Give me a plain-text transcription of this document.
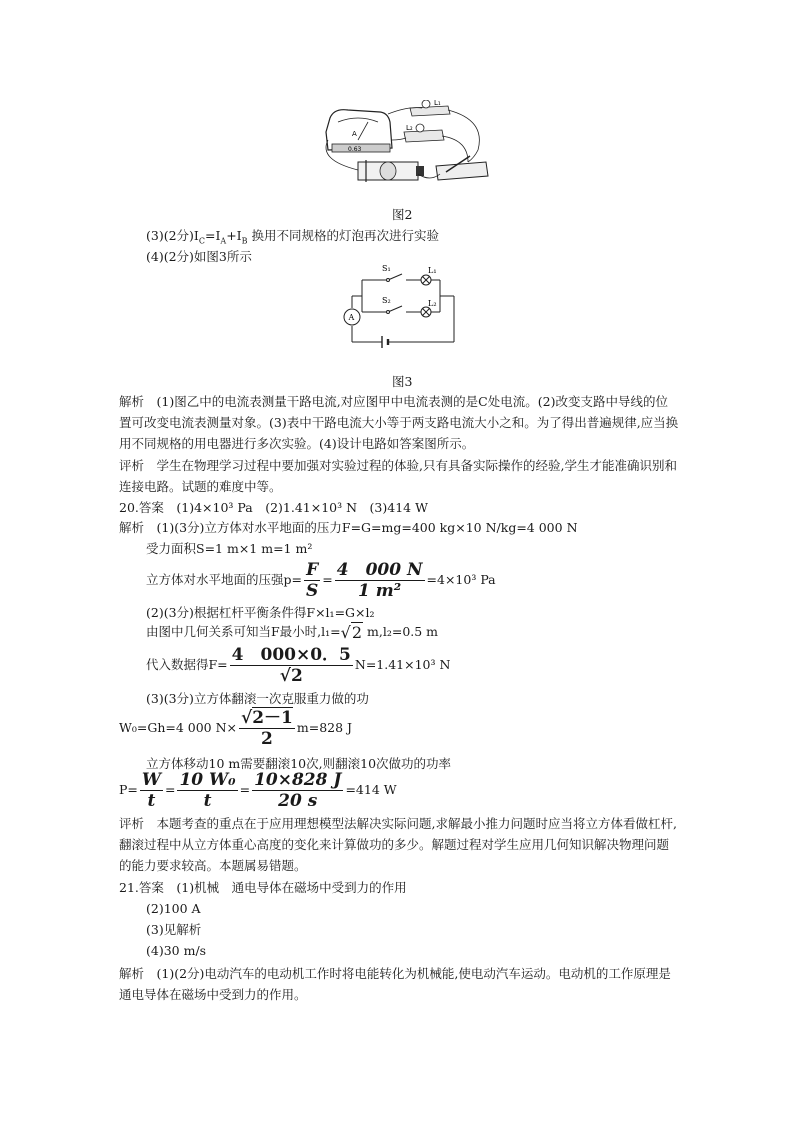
A
0.63
L₁
L₂
图2
(3)(2分)$I_C=I_A+I_B$ 换用不同规格的灯泡再次进行实验
(4)(2分)如图3所示
S₁
S₂
L₁
L₂
A
图3
解析　(1)图乙中的电流表测量干路电流,对应图甲中电流表测的是C处电流。(2)改变支路中导线的位置可改变电流表测量对象。(3)表中干路电流大小等于两支路电流大小之和。为了得出普遍规律,应当换用不同规格的用电器进行多次实验。(4)设计电路如答案图所示。
评析　学生在物理学习过程中要加强对实验过程的体验,只有具备实际操作的经验,学生才能准确识别和连接电路。试题的难度中等。
20.答案　(1)4×10³ Pa　(2)1.41×10³ N　(3)414 W
解析　(1)(3分)立方体对水平地面的压力F=G=mg=400 kg×10 N/kg=4 000 N
受力面积S=1 m×1 m=1 m²
立方体对水平地面的压强$p= \frac{F}{S} = \frac{4 000 N}{\text{1 m²}} =4\times 10^3$ Pa
(2)(3分)根据杠杆平衡条件得F×l₁=G×l₂
由图中几何关系可知当F最小时,l₁=√2 m,l₂=0.5 m
代入数据得$F= \frac{4 000\times 0.5}{√2} N=1.41\times 10^3$ N
(3)(3分)立方体翻滚一次克服重力做的功
W₀=Gh=4 000 $N\times \frac{√2-1}{2} m=828$ J
立方体移动10 m需要翻滚10次,则翻滚10次做功的功率
$P= \frac{W}{t} = \frac{\text{10 W₀}}{t} = \frac{10\times 828 J}{20 s} =414$ W
评析　本题考查的重点在于应用理想模型法解决实际问题,求解最小推力问题时应当将立方体看做杠杆,翻滚过程中从立方体重心高度的变化来计算做功的多少。解题过程对学生应用几何知识解决物理问题的能力要求较高。本题属易错题。
21.答案　(1)机械　通电导体在磁场中受到力的作用
(2)100 A
(3)见解析
(4)30 m/s
解析　(1)(2分)电动汽车的电动机工作时将电能转化为机械能,使电动汽车运动。电动机的工作原理是通电导体在磁场中受到力的作用。
